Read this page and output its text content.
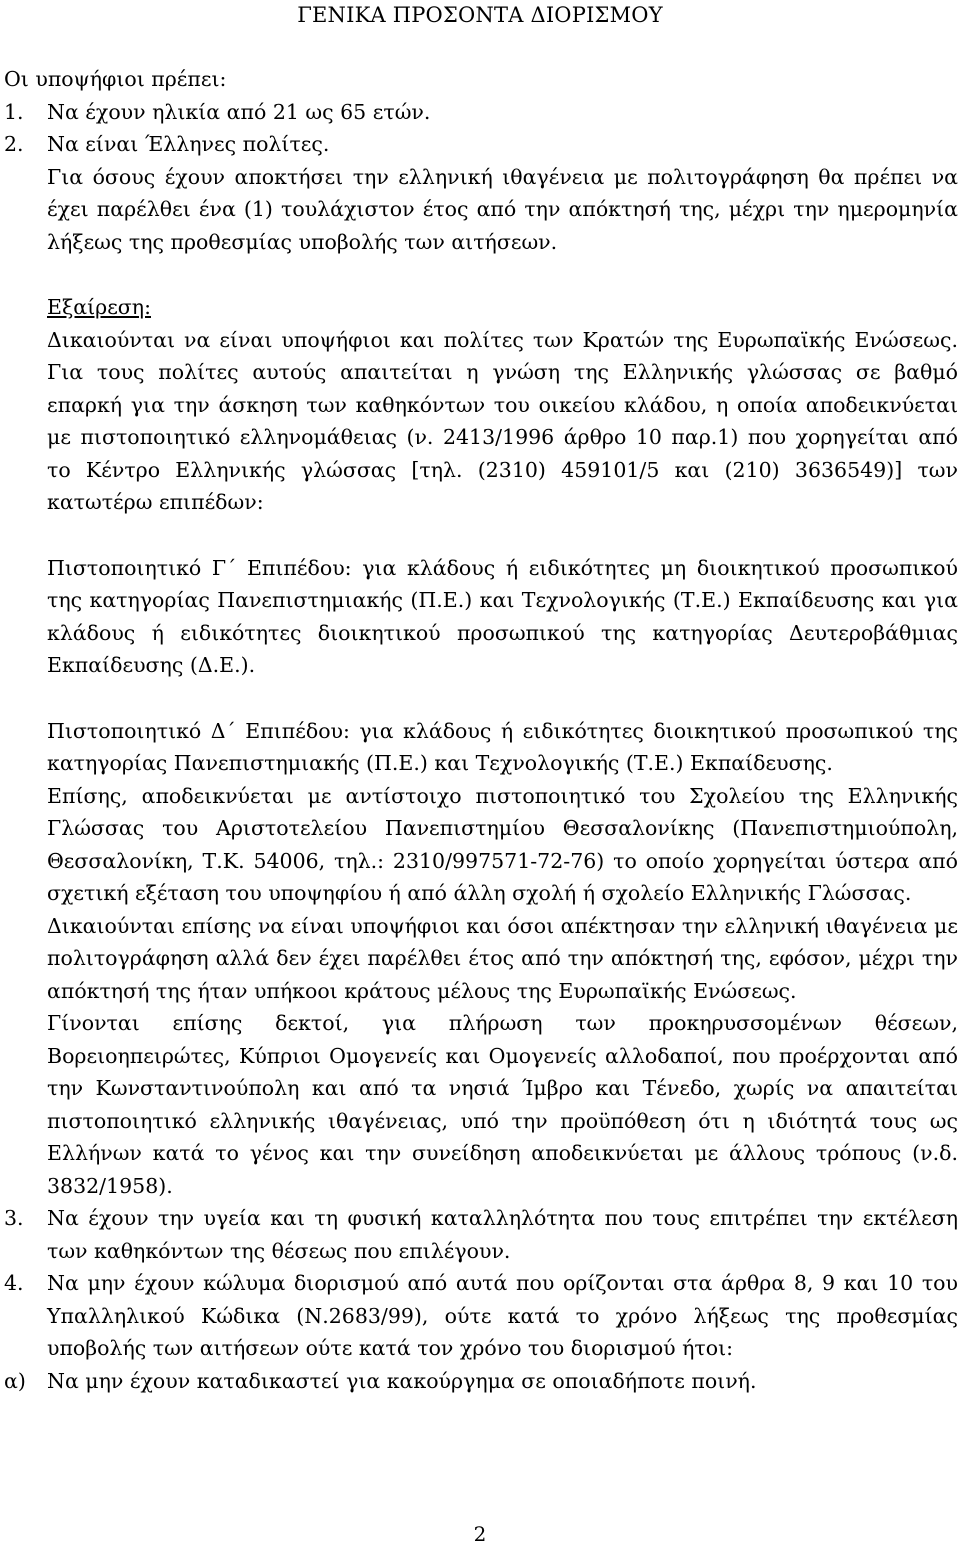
ΓΕΝΙΚΑ ΠΡΟΣΟΝΤΑ ΔΙΟΡΙΣΜΟΥ

Οι υποψήφιοι πρέπει:

1.	Να έχουν ηλικία από 21 ως 65 ετών.
2.	Να είναι Έλληνες πολίτες.

Για όσους έχουν αποκτήσει την ελληνική ιθαγένεια με πολιτογράφηση θα πρέπει να έχει παρέλθει ένα (1) τουλάχιστον έτος από την απόκτησή της, μέχρι την ημερομηνία λήξεως της προθεσμίας υποβολής των αιτήσεων.

Εξαίρεση:

Δικαιούνται να είναι υποψήφιοι και πολίτες των Κρατών της Ευρωπαϊκής Ενώσεως. Για τους πολίτες αυτούς απαιτείται η γνώση της Ελληνικής γλώσσας σε βαθμό επαρκή για την άσκηση των καθηκόντων του οικείου κλάδου, η οποία αποδεικνύεται με πιστοποιητικό ελληνομάθειας (ν. 2413/1996 άρθρο 10 παρ.1) που χορηγείται από το Κέντρο Ελληνικής γλώσσας [τηλ. (2310) 459101/5 και (210) 3636549)] των κατωτέρω επιπέδων:

Πιστοποιητικό Γ΄ Επιπέδου: για κλάδους ή ειδικότητες μη διοικητικού προσωπικού της κατηγορίας Πανεπιστημιακής (Π.Ε.) και Τεχνολογικής (Τ.Ε.) Εκπαίδευσης και για κλάδους ή ειδικότητες διοικητικού προσωπικού της κατηγορίας Δευτεροβάθμιας Εκπαίδευσης (Δ.Ε.).

Πιστοποιητικό Δ΄ Επιπέδου: για κλάδους ή ειδικότητες διοικητικού προσωπικού της κατηγορίας Πανεπιστημιακής (Π.Ε.) και Τεχνολογικής (Τ.Ε.) Εκπαίδευσης.

Επίσης, αποδεικνύεται με αντίστοιχο πιστοποιητικό του Σχολείου της Ελληνικής Γλώσσας του Αριστοτελείου Πανεπιστημίου Θεσσαλονίκης (Πανεπιστημιούπολη, Θεσσαλονίκη, Τ.Κ. 54006, τηλ.: 2310/997571-72-76) το οποίο χορηγείται ύστερα από σχετική εξέταση του υποψηφίου ή από άλλη σχολή ή σχολείο Ελληνικής Γλώσσας.

Δικαιούνται επίσης να είναι υποψήφιοι και όσοι απέκτησαν την ελληνική ιθαγένεια με πολιτογράφηση αλλά δεν έχει παρέλθει έτος από την απόκτησή της, εφόσον, μέχρι την απόκτησή της ήταν υπήκοοι κράτους μέλους της Ευρωπαϊκής Ενώσεως.

Γίνονται επίσης δεκτοί, για πλήρωση των προκηρυσσομένων θέσεων, Βορειοηπειρώτες, Κύπριοι Ομογενείς και Ομογενείς αλλοδαποί, που προέρχονται από την Κωνσταντινούπολη και από τα νησιά Ίμβρο και Τένεδο, χωρίς να απαιτείται πιστοποιητικό ελληνικής ιθαγένειας, υπό την προϋπόθεση ότι η ιδιότητά τους ως Ελλήνων κατά το γένος και την συνείδηση αποδεικνύεται με άλλους τρόπους (ν.δ. 3832/1958).

3.	Να έχουν την υγεία και τη φυσική καταλληλότητα που τους επιτρέπει την εκτέλεση των καθηκόντων της θέσεως που επιλέγουν.
4.	Να μην έχουν κώλυμα διορισμού από αυτά που ορίζονται στα άρθρα 8, 9 και 10 του Υπαλληλικού Κώδικα (Ν.2683/99), ούτε κατά το χρόνο λήξεως της προθεσμίας υποβολής των αιτήσεων ούτε κατά τον χρόνο του διορισμού ήτοι:
α)	Να μην έχουν καταδικαστεί για κακούργημα σε οποιαδήποτε ποινή.
2
